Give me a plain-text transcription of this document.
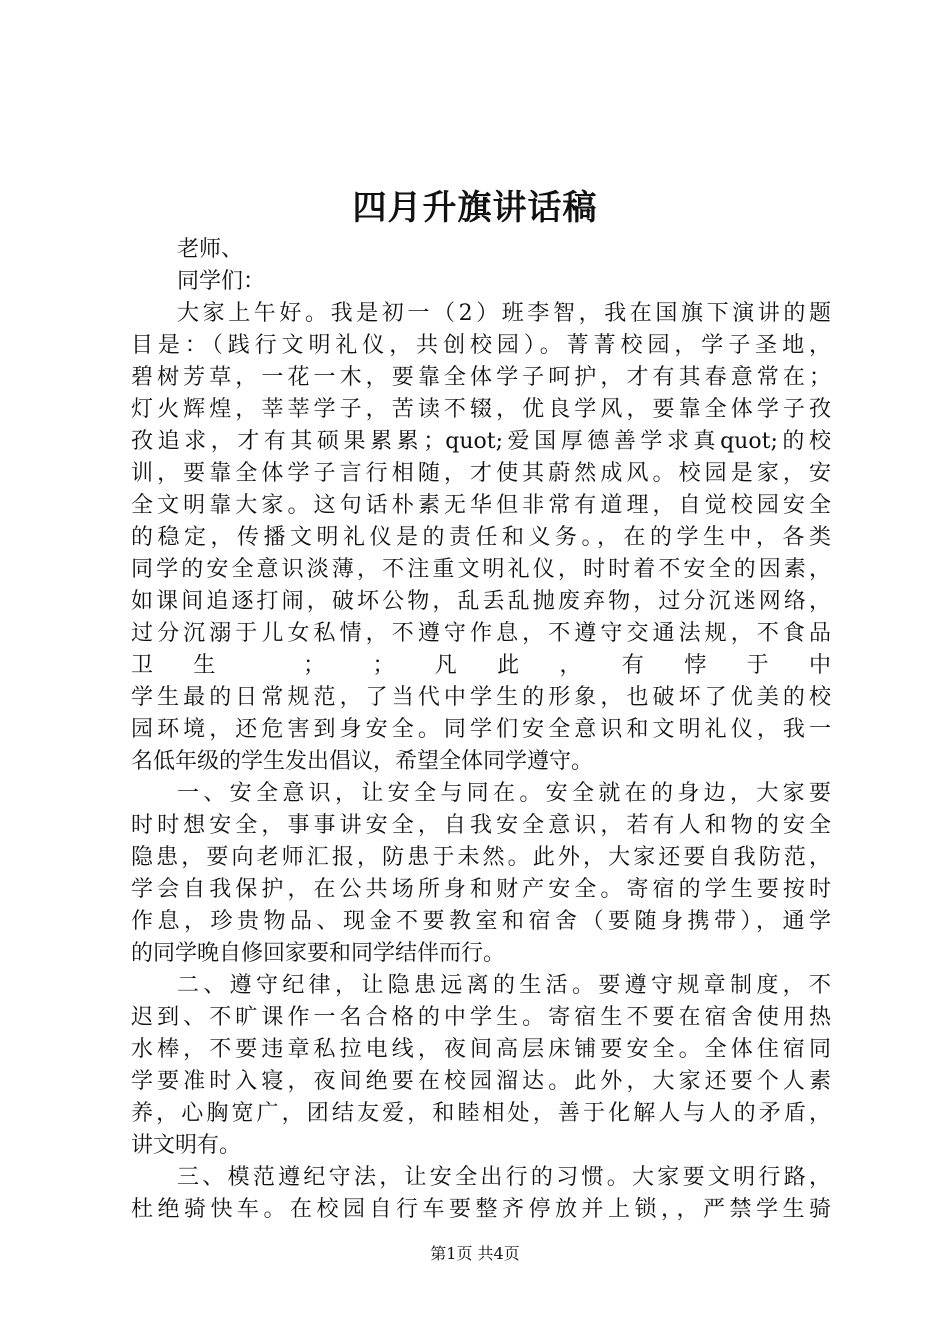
四月升旗讲话稿
老师、
同学们：
大家上午好。我是初一（2）班李智，我在国旗下演讲的题
目是：（践行文明礼仪，共创校园）。菁菁校园，学子圣地，
碧树芳草，一花一木，要靠全体学子呵护，才有其春意常在；
灯火辉煌，莘莘学子，苦读不辍，优良学风，要靠全体学子孜
孜追求，才有其硕果累累；quot;爱国厚德善学求真quot;的校
训，要靠全体学子言行相随，才使其蔚然成风。校园是家，安
全文明靠大家。这句话朴素无华但非常有道理，自觉校园安全
的稳定，传播文明礼仪是的责任和义务。，在的学生中，各类
同学的安全意识淡薄，不注重文明礼仪，时时着不安全的因素，
如课间追逐打闹，破坏公物，乱丢乱抛废弃物，过分沉迷网络，
过分沉溺于儿女私情，不遵守作息，不遵守交通法规，不食品
卫生 ； ；凡此，有悖于中
学生最的日常规范，了当代中学生的形象，也破坏了优美的校
园环境，还危害到身安全。同学们安全意识和文明礼仪，我一
名低年级的学生发出倡议，希望全体同学遵守。
一、安全意识，让安全与同在。安全就在的身边，大家要
时时想安全，事事讲安全，自我安全意识，若有人和物的安全
隐患，要向老师汇报，防患于未然。此外，大家还要自我防范，
学会自我保护，在公共场所身和财产安全。寄宿的学生要按时
作息，珍贵物品、现金不要教室和宿舍（要随身携带），通学
的同学晚自修回家要和同学结伴而行。
二、遵守纪律，让隐患远离的生活。要遵守规章制度，不
迟到、不旷课作一名合格的中学生。寄宿生不要在宿舍使用热
水棒，不要违章私拉电线，夜间高层床铺要安全。全体住宿同
学要准时入寝，夜间绝要在校园溜达。此外，大家还要个人素
养，心胸宽广，团结友爱，和睦相处，善于化解人与人的矛盾，
讲文明有。
三、模范遵纪守法，让安全出行的习惯。大家要文明行路，
杜绝骑快车。在校园自行车要整齐停放并上锁，，严禁学生骑
第1页 共4页
